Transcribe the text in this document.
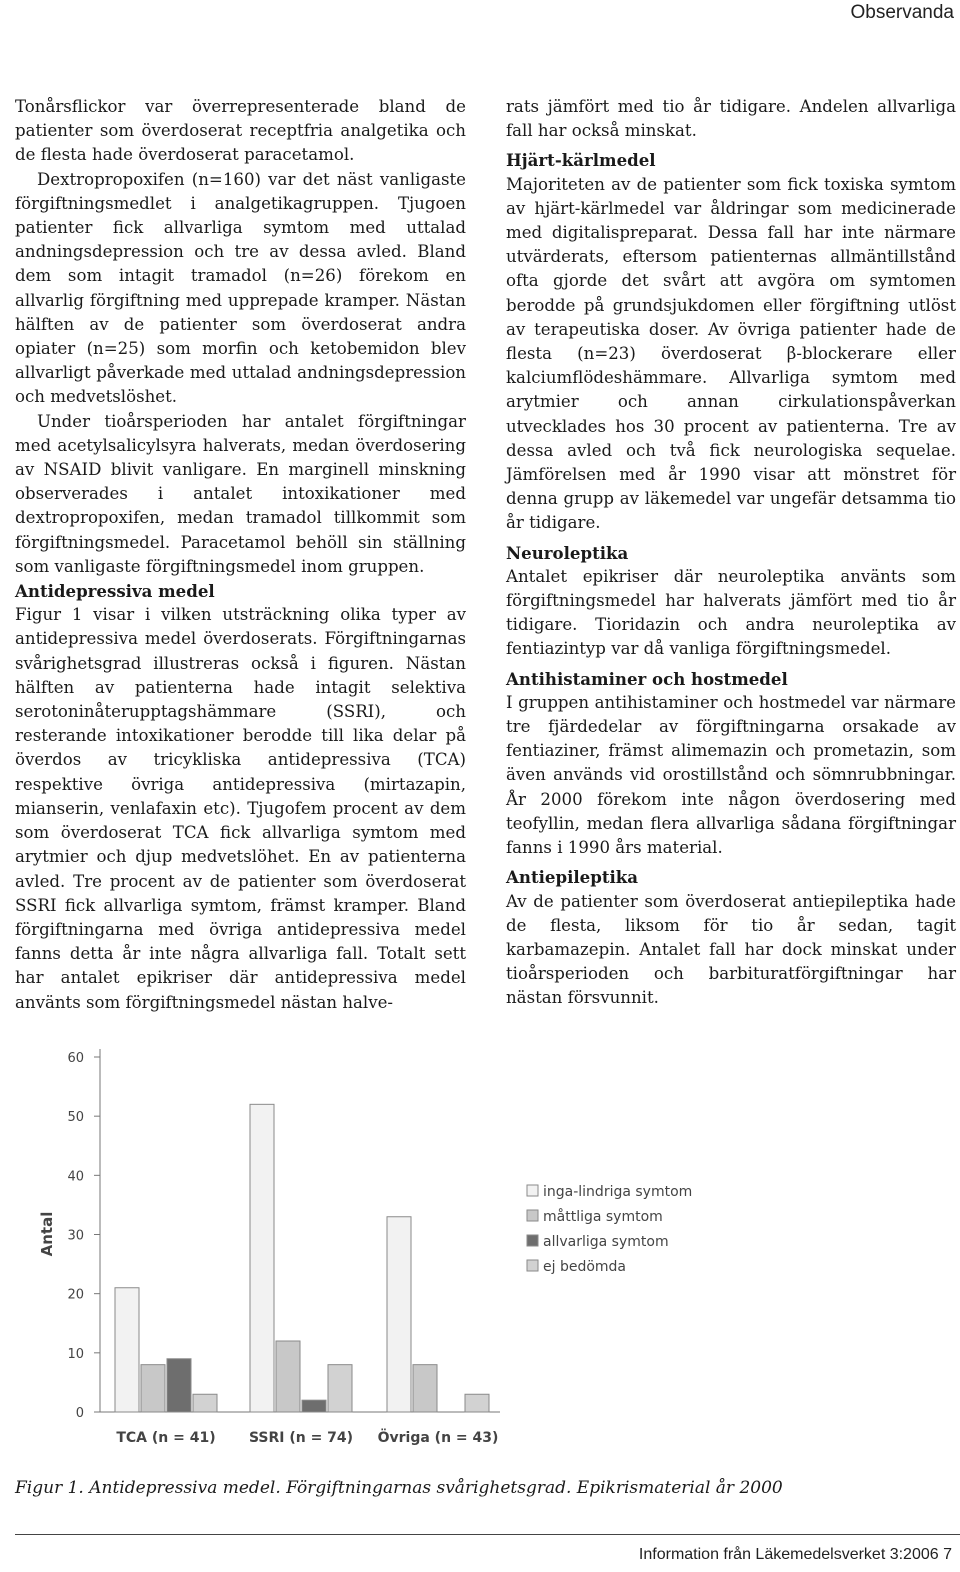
Observanda

Tonårsflickor var överrepresenterade bland de patienter som överdoserat receptfria analgetika och de flesta hade överdoserat paracetamol.

Dextropropoxifen (n=160) var det näst vanligaste förgiftningsmedlet i analgetikagruppen. Tjugoen patienter fick allvarliga symtom med uttalad andningsdepression och tre av dessa avled. Bland dem som intagit tramadol (n=26) förekom en allvarlig förgiftning med upprepade kramper. Nästan hälften av de patienter som överdoserat andra opiater (n=25) som morfin och ketobemidon blev allvarligt påverkade med uttalad andningsdepression och medvetslöshet.

Under tioårsperioden har antalet förgiftningar med acetylsalicylsyra halverats, medan överdosering av NSAID blivit vanligare. En marginell minskning observerades i antalet intoxikationer med dextropropoxifen, medan tramadol tillkommit som förgiftningsmedel. Paracetamol behöll sin ställning som vanligaste förgiftningsmedel inom gruppen.

Antidepressiva medel

Figur 1 visar i vilken utsträckning olika typer av antidepressiva medel överdoserats. Förgiftningarnas svårighetsgrad illustreras också i figuren. Nästan hälften av patienterna hade intagit selektiva serotoninåterupptagshämmare (SSRI), och resterande intoxikationer berodde till lika delar på överdos av tricykliska antidepressiva (TCA) respektive övriga antidepressiva (mirtazapin, mianserin, venlafaxin etc). Tjugofem procent av dem som överdoserat TCA fick allvarliga symtom med arytmier och djup medvetslöhet. En av patienterna avled. Tre procent av de patienter som överdoserat SSRI fick allvarliga symtom, främst kramper. Bland förgiftningarna med övriga antidepressiva medel fanns detta år inte några allvarliga fall. Totalt sett har antalet epikriser där antidepressiva medel använts som förgiftningsmedel nästan halve-

rats jämfört med tio år tidigare. Andelen allvarliga fall har också minskat.

Hjärt-kärlmedel

Majoriteten av de patienter som fick toxiska symtom av hjärt-kärlmedel var åldringar som medicinerade med digitalispreparat. Dessa fall har inte närmare utvärderats, eftersom patienternas allmäntillstånd ofta gjorde det svårt att avgöra om symtomen berodde på grundsjukdomen eller förgiftning utlöst av terapeutiska doser. Av övriga patienter hade de flesta (n=23) överdoserat β-blockerare eller kalciumflödeshämmare. Allvarliga symtom med arytmier och annan cirkulationspåverkan utvecklades hos 30 procent av patienterna. Tre av dessa avled och två fick neurologiska sequelae. Jämförelsen med år 1990 visar att mönstret för denna grupp av läkemedel var ungefär detsamma tio år tidigare.

Neuroleptika

Antalet epikriser där neuroleptika använts som förgiftningsmedel har halverats jämfört med tio år tidigare. Tioridazin och andra neuroleptika av fentiazintyp var då vanliga förgiftningsmedel.

Antihistaminer och hostmedel

I gruppen antihistaminer och hostmedel var närmare tre fjärdedelar av förgiftningarna orsakade av fentiaziner, främst alimemazin och prometazin, som även används vid orostillstånd och sömnrubbningar. År 2000 förekom inte någon överdosering med teofyllin, medan flera allvarliga sådana förgiftningar fanns i 1990 års material.

Antiepileptika

Av de patienter som överdoserat antiepileptika hade de flesta, liksom för tio år sedan, tagit karbamazepin. Antalet fall har dock minskat under tioårsperioden och barbituratförgiftningar har nästan försvunnit.

0
10
20
30
40
50
60
Antal
TCA (n = 41) SSRI (n = 74) Övriga (n = 43)
inga-lindriga symtom
måttliga symtom
allvarliga symtom
ej bedömda
Figur 1. Antidepressiva medel. Förgiftningarnas svårighetsgrad. Epikrismaterial år 2000
Information från Läkemedelsverket 3:2006 7
